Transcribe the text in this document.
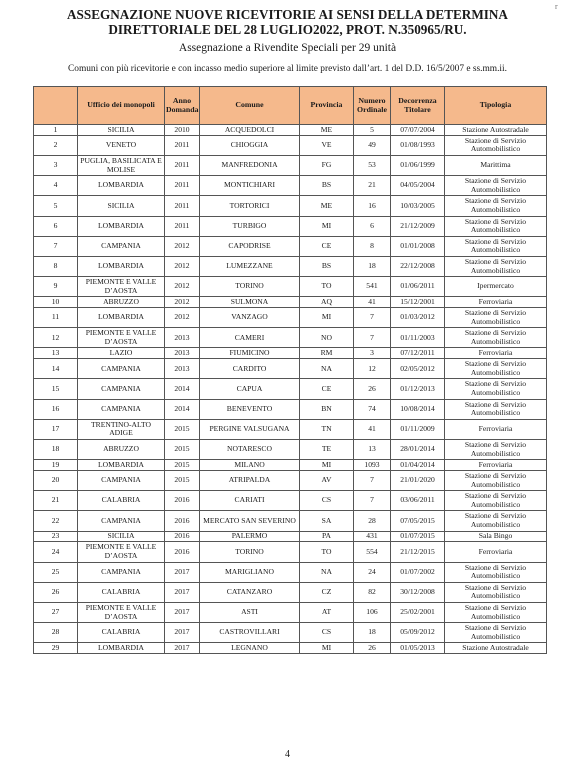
r
ASSEGNAZIONE NUOVE RICEVITORIE AI SENSI DELLA DETERMINA
DIRETTORIALE DEL 28 LUGLIO2022, PROT. N.350965/RU.
Assegnazione a Rivendite Speciali per 29 unità
Comuni con più ricevitorie e con incasso medio superiore al limite previsto dall’art. 1 del D.D. 16/5/2007 e ss.mm.ii.
	Ufficio dei monopoli	Anno Domanda	Comune	Provincia	Numero Ordinale	Decorrenza Titolare	Tipologia
1	SICILIA	2010	ACQUEDOLCI	ME	5	07/07/2004	Stazione Autostradale
2	VENETO	2011	CHIOGGIA	VE	49	01/08/1993	Stazione di Servizio Automobilistico
3	PUGLIA, BASILICATA E MOLISE	2011	MANFREDONIA	FG	53	01/06/1999	Marittima
4	LOMBARDIA	2011	MONTICHIARI	BS	21	04/05/2004	Stazione di Servizio Automobilistico
5	SICILIA	2011	TORTORICI	ME	16	10/03/2005	Stazione di Servizio Automobilistico
6	LOMBARDIA	2011	TURBIGO	MI	6	21/12/2009	Stazione di Servizio Automobilistico
7	CAMPANIA	2012	CAPODRISE	CE	8	01/01/2008	Stazione di Servizio Automobilistico
8	LOMBARDIA	2012	LUMEZZANE	BS	18	22/12/2008	Stazione di Servizio Automobilistico
9	PIEMONTE E VALLE D’AOSTA	2012	TORINO	TO	541	01/06/2011	Ipermercato
10	ABRUZZO	2012	SULMONA	AQ	41	15/12/2001	Ferroviaria
11	LOMBARDIA	2012	VANZAGO	MI	7	01/03/2012	Stazione di Servizio Automobilistico
12	PIEMONTE E VALLE D’AOSTA	2013	CAMERI	NO	7	01/11/2003	Stazione di Servizio Automobilistico
13	LAZIO	2013	FIUMICINO	RM	3	07/12/2011	Ferroviaria
14	CAMPANIA	2013	CARDITO	NA	12	02/05/2012	Stazione di Servizio Automobilistico
15	CAMPANIA	2014	CAPUA	CE	26	01/12/2013	Stazione di Servizio Automobilistico
16	CAMPANIA	2014	BENEVENTO	BN	74	10/08/2014	Stazione di Servizio Automobilistico
17	TRENTINO-ALTO ADIGE	2015	PERGINE VALSUGANA	TN	41	01/11/2009	Ferroviaria
18	ABRUZZO	2015	NOTARESCO	TE	13	28/01/2014	Stazione di Servizio Automobilistico
19	LOMBARDIA	2015	MILANO	MI	1093	01/04/2014	Ferroviaria
20	CAMPANIA	2015	ATRIPALDA	AV	7	21/01/2020	Stazione di Servizio Automobilistico
21	CALABRIA	2016	CARIATI	CS	7	03/06/2011	Stazione di Servizio Automobilistico
22	CAMPANIA	2016	MERCATO SAN SEVERINO	SA	28	07/05/2015	Stazione di Servizio Automobilistico
23	SICILIA	2016	PALERMO	PA	431	01/07/2015	Sala Bingo
24	PIEMONTE E VALLE D’AOSTA	2016	TORINO	TO	554	21/12/2015	Ferroviaria
25	CAMPANIA	2017	MARIGLIANO	NA	24	01/07/2002	Stazione di Servizio Automobilistico
26	CALABRIA	2017	CATANZARO	CZ	82	30/12/2008	Stazione di Servizio Automobilistico
27	PIEMONTE E VALLE D’AOSTA	2017	ASTI	AT	106	25/02/2001	Stazione di Servizio Automobilistico
28	CALABRIA	2017	CASTROVILLARI	CS	18	05/09/2012	Stazione di Servizio Automobilistico
29	LOMBARDIA	2017	LEGNANO	MI	26	01/05/2013	Stazione Autostradale
4
